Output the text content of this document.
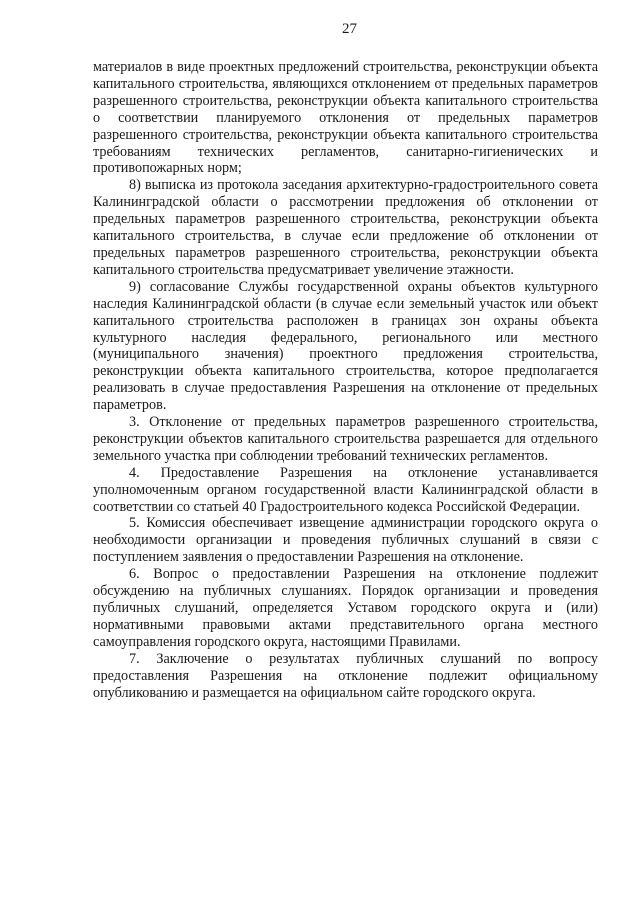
27

материалов в виде проектных предложений строительства, реконструкции объекта капитального строительства, являющихся отклонением от предельных параметров разрешенного строительства, реконструкции объекта капитального строительства о соответствии планируемого отклонения от предельных параметров разрешенного строительства, реконструкции объекта капитального строительства требованиям технических регламентов, санитарно-гигиенических и противопожарных норм;

8) выписка из протокола заседания архитектурно-градостроительного совета Калининградской области о рассмотрении предложения об отклонении от предельных параметров разрешенного строительства, реконструкции объекта капитального строительства, в случае если предложение об отклонении от предельных параметров разрешенного строительства, реконструкции объекта капитального строительства предусматривает увеличение этажности.

9) согласование Службы государственной охраны объектов культурного наследия Калининградской области (в случае если земельный участок или объект капитального строительства расположен в границах зон охраны объекта культурного наследия федерального, регионального или местного (муниципального значения) проектного предложения строительства, реконструкции объекта капитального строительства, которое предполагается реализовать в случае предоставления Разрешения на отклонение от предельных параметров.

3. Отклонение от предельных параметров разрешенного строительства, реконструкции объектов капитального строительства разрешается для отдельного земельного участка при соблюдении требований технических регламентов.

4. Предоставление Разрешения на отклонение устанавливается уполномоченным органом государственной власти Калининградской области в соответствии со статьей 40 Градостроительного кодекса Российской Федерации.

5. Комиссия обеспечивает извещение администрации городского округа о необходимости организации и проведения публичных слушаний в связи с поступлением заявления о предоставлении Разрешения на отклонение.

6. Вопрос о предоставлении Разрешения на отклонение подлежит обсуждению на публичных слушаниях. Порядок организации и проведения публичных слушаний, определяется Уставом городского округа и (или) нормативными правовыми актами представительного органа местного самоуправления городского округа, настоящими Правилами.

7. Заключение о результатах публичных слушаний по вопросу предоставления Разрешения на отклонение подлежит официальному опубликованию и размещается на официальном сайте городского округа.
